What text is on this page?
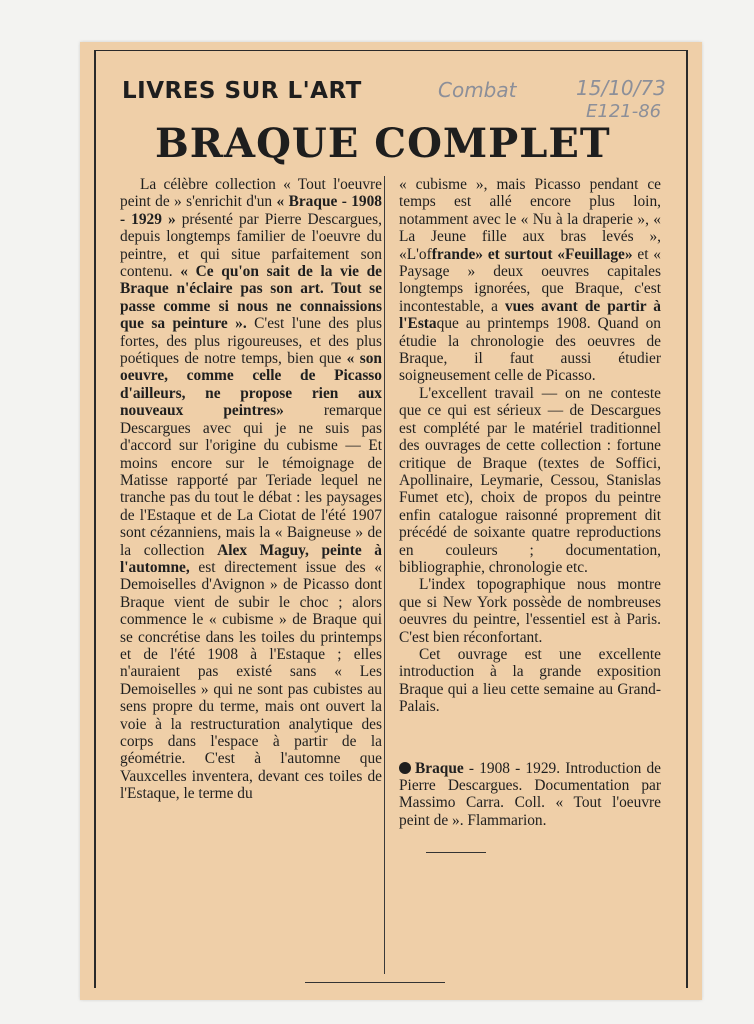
LIVRES SUR L'ART	Combat	15/10/73
E121-86
BRAQUE COMPLET

La célèbre collection « Tout l'oeuvre peint de » s'enrichit d'un « Braque - 1908 - 1929 » présenté par Pierre Descargues, depuis longtemps familier de l'oeuvre du peintre, et qui situe parfaitement son contenu. « Ce qu'on sait de la vie de Braque n'éclaire pas son art. Tout se passe comme si nous ne connaissions que sa peinture ». C'est l'une des plus fortes, des plus rigoureuses, et des plus poétiques de notre temps, bien que « son oeuvre, comme celle de Picasso d'ailleurs, ne propose rien aux nouveaux peintres» remarque Descargues avec qui je ne suis pas d'accord sur l'origine du cubisme — Et moins encore sur le témoignage de Matisse rapporté par Teriade lequel ne tranche pas du tout le débat : les paysages de l'Estaque et de La Ciotat de l'été 1907 sont cézanniens, mais la « Baigneuse » de la collection Alex Maguy, peinte à l'automne, est directement issue des « Demoiselles d'Avignon » de Picasso dont Braque vient de subir le choc ; alors commence le « cubisme » de Braque qui se concrétise dans les toiles du printemps et de l'été 1908 à l'Estaque ; elles n'auraient pas existé sans « Les Demoiselles » qui ne sont pas cubistes au sens propre du terme, mais ont ouvert la voie à la restructuration analytique des corps dans l'espace à partir de la géométrie. C'est à l'automne que Vauxcelles inventera, devant ces toiles de l'Estaque, le terme du

« cubisme », mais Picasso pendant ce temps est allé encore plus loin, notamment avec le « Nu à la draperie », « La Jeune fille aux bras levés », «L'offrande» et surtout «Feuillage» et « Paysage » deux oeuvres capitales longtemps ignorées, que Braque, c'est incontestable, a vues avant de partir à l'Estaque au printemps 1908. Quand on étudie la chronologie des oeuvres de Braque, il faut aussi étudier soigneusement celle de Picasso.

L'excellent travail — on ne conteste que ce qui est sérieux — de Descargues est complété par le matériel traditionnel des ouvrages de cette collection : fortune critique de Braque (textes de Soffici, Apollinaire, Leymarie, Cessou, Stanislas Fumet etc), choix de propos du peintre enfin catalogue raisonné proprement dit précédé de soixante quatre reproductions en couleurs ; documentation, bibliographie, chronologie etc.

L'index topographique nous montre que si New York possède de nombreuses oeuvres du peintre, l'essentiel est à Paris. C'est bien réconfortant.

Cet ouvrage est une excellente introduction à la grande exposition Braque qui a lieu cette semaine au Grand-Palais.

Braque - 1908 - 1929. Introduction de Pierre Descargues. Documentation par Massimo Carra. Coll. « Tout l'oeuvre peint de ». Flammarion.
